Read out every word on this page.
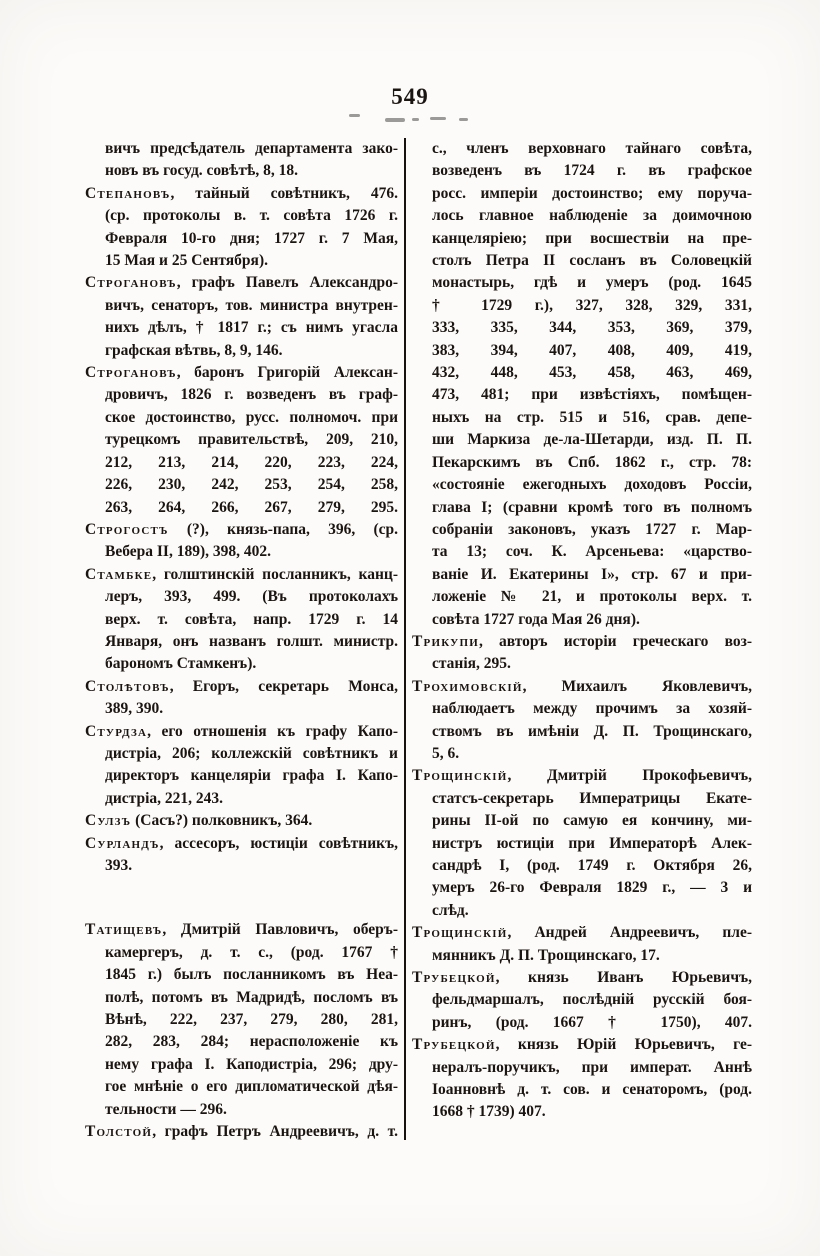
549
вичъ предсѣдатель департамента зако-
новъ въ госуд. совѣтѣ, 8, 18.
Степановъ, тайный совѣтникъ, 476.
(ср. протоколы в. т. совѣта 1726 г.
Февраля 10-го дня; 1727 г. 7 Мая,
15 Мая и 25 Сентября).
Строгановъ, графъ Павелъ Александро-
вичъ, сенаторъ, тов. министра внутрен-
нихъ дѣлъ, † 1817 г.; съ нимъ угасла
графская вѣтвь, 8, 9, 146.
Строгановъ, баронъ Григорій Алексан-
дровичъ, 1826 г. возведенъ въ граф-
ское достоинство, русс. полномоч. при
турецкомъ правительствѣ, 209, 210,
212, 213, 214, 220, 223, 224,
226, 230, 242, 253, 254, 258,
263, 264, 266, 267, 279, 295.
Строгостъ (?), князь-папа, 396, (ср.
Вебера II, 189), 398, 402.
Стамбке, голштинскій посланникъ, канц-
леръ, 393, 499. (Въ протоколахъ
верх. т. совѣта, напр. 1729 г. 14
Января, онъ названъ голшт. министр.
барономъ Стамкенъ).
Столѣтовъ, Егоръ, секретарь Монса,
389, 390.
Стурдза, его отношенія къ графу Капо-
дистріа, 206; коллежскій совѣтникъ и
директоръ канцеляріи графа I. Капо-
дистріа, 221, 243.
Сулзъ (Сасъ?) полковникъ, 364.
Сурландъ, ассесоръ, юстиціи совѣтникъ,
393.
Татищевъ, Дмитрій Павловичъ, оберъ-
камергеръ, д. т. с., (род. 1767 †
1845 г.) былъ посланникомъ въ Неа-
полѣ, потомъ въ Мадридѣ, посломъ въ
Вѣнѣ, 222, 237, 279, 280, 281,
282, 283, 284; нерасположеніе къ
нему графа I. Каподистріа, 296; дру-
гое мнѣніе о его дипломатической дѣя-
тельности — 296.
Толстой, графъ Петръ Андреевичъ, д. т.
с., членъ верховнаго тайнаго совѣта,
возведенъ въ 1724 г. въ графское
росс. имперіи достоинство; ему поруча-
лось главное наблюденіе за доимочною
канцеляріею; при восшествіи на пре-
столъ Петра II сосланъ въ Соловецкій
монастырь, гдѣ и умеръ (род. 1645
† 1729 г.), 327, 328, 329, 331,
333, 335, 344, 353, 369, 379,
383, 394, 407, 408, 409, 419,
432, 448, 453, 458, 463, 469,
473, 481; при извѣстіяхъ, помѣщен-
ныхъ на стр. 515 и 516, срав. депе-
ши Маркиза де-ла-Шетарди, изд. П. П.
Пекарскимъ въ Спб. 1862 г., стр. 78:
«состояніе ежегодныхъ доходовъ Россіи,
глава I; (сравни кромѣ того въ полномъ
собраніи законовъ, указъ 1727 г. Мар-
та 13; соч. К. Арсеньева: «царство-
ваніе И. Екатерины I», стр. 67 и при-
ложеніе № 21, и протоколы верх. т.
совѣта 1727 года Мая 26 дня).
Трикупи, авторъ исторіи греческаго воз-
станія, 295.
Трохимовскій, Михаилъ Яковлевичъ,
наблюдаетъ между прочимъ за хозяй-
ствомъ въ имѣніи Д. П. Трощинскаго,
5, 6.
Трощинскій, Дмитрій Прокофьевичъ,
статсъ-секретарь Императрицы Екате-
рины II-ой по самую ея кончину, ми-
нистръ юстиціи при Императорѣ Алек-
сандрѣ I, (род. 1749 г. Октября 26,
умеръ 26-го Февраля 1829 г., — 3 и
слѣд.
Трощинскій, Андрей Андреевичъ, пле-
мянникъ Д. П. Трощинскаго, 17.
Трубецкой, князь Иванъ Юрьевичъ,
фельдмаршалъ, послѣдній русскій боя-
ринъ, (род. 1667 † 1750), 407.
Трубецкой, князь Юрій Юрьевичъ, ге-
нералъ-поручикъ, при императ. Аннѣ
Іоанновнѣ д. т. сов. и сенаторомъ, (род.
1668 † 1739) 407.
